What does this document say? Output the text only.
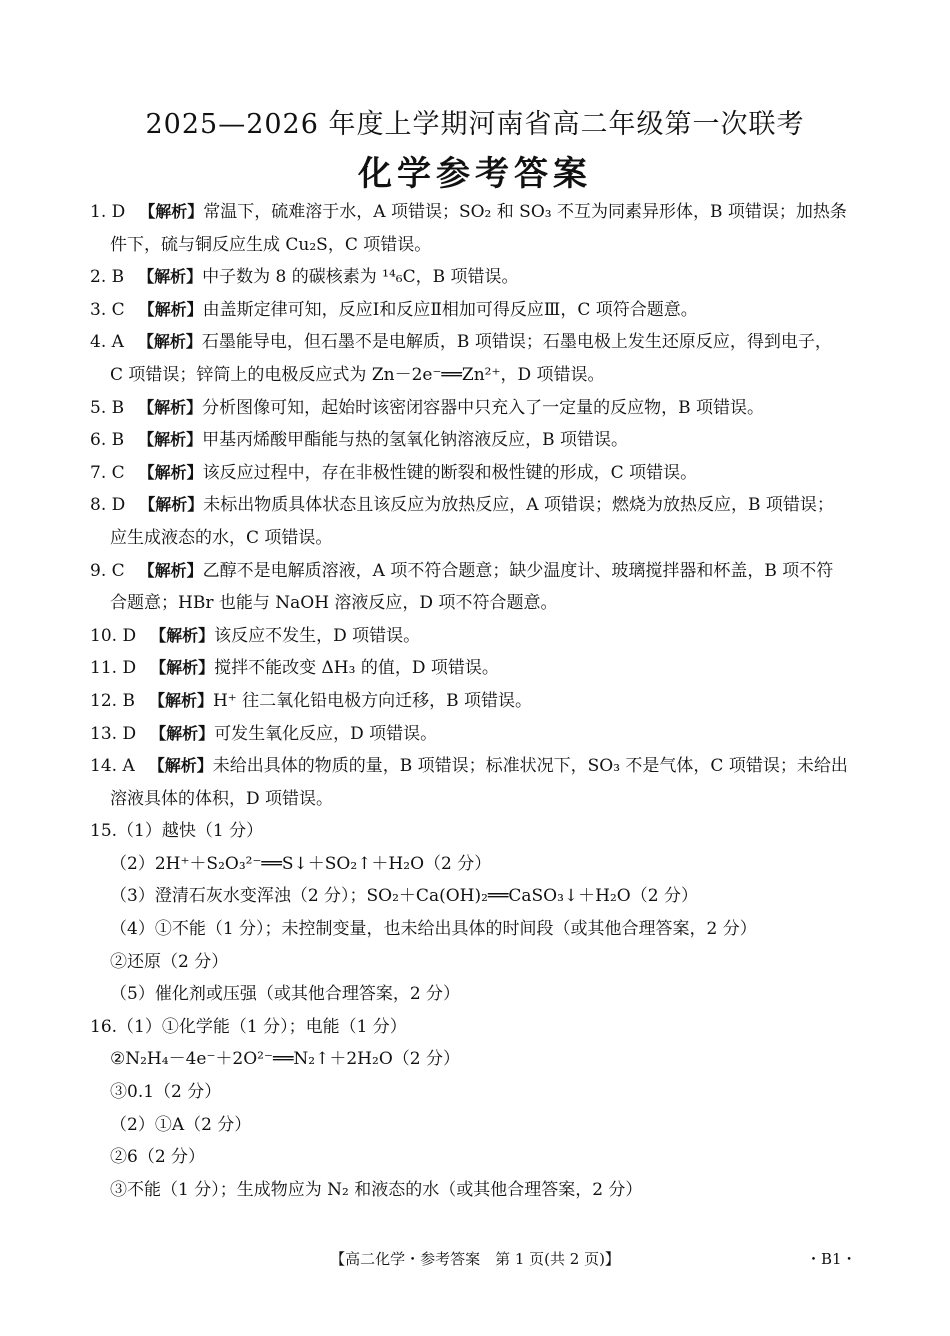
2025—2026 年度上学期河南省高二年级第一次联考
化学参考答案
1. D 【解析】常温下，硫难溶于水，A 项错误；SO₂ 和 SO₃ 不互为同素异形体，B 项错误；加热条
件下，硫与铜反应生成 Cu₂S，C 项错误。
2. B 【解析】中子数为 8 的碳核素为 ¹⁴₆C，B 项错误。
3. C 【解析】由盖斯定律可知，反应Ⅰ和反应Ⅱ相加可得反应Ⅲ，C 项符合题意。
4. A 【解析】石墨能导电，但石墨不是电解质，B 项错误；石墨电极上发生还原反应，得到电子，
C 项错误；锌筒上的电极反应式为 Zn－2e⁻══Zn²⁺，D 项错误。
5. B 【解析】分析图像可知，起始时该密闭容器中只充入了一定量的反应物，B 项错误。
6. B 【解析】甲基丙烯酸甲酯能与热的氢氧化钠溶液反应，B 项错误。
7. C 【解析】该反应过程中，存在非极性键的断裂和极性键的形成，C 项错误。
8. D 【解析】未标出物质具体状态且该反应为放热反应，A 项错误；燃烧为放热反应，B 项错误；
应生成液态的水，C 项错误。
9. C 【解析】乙醇不是电解质溶液，A 项不符合题意；缺少温度计、玻璃搅拌器和杯盖，B 项不符
合题意；HBr 也能与 NaOH 溶液反应，D 项不符合题意。
10. D 【解析】该反应不发生，D 项错误。
11. D 【解析】搅拌不能改变 ΔH₃ 的值，D 项错误。
12. B 【解析】H⁺ 往二氧化铅电极方向迁移，B 项错误。
13. D 【解析】可发生氧化反应，D 项错误。
14. A 【解析】未给出具体的物质的量，B 项错误；标准状况下，SO₃ 不是气体，C 项错误；未给出
溶液具体的体积，D 项错误。
15.（1）越快（1 分）
（2）2H⁺＋S₂O₃²⁻══S↓＋SO₂↑＋H₂O（2 分）
（3）澄清石灰水变浑浊（2 分）；SO₂＋Ca(OH)₂══CaSO₃↓＋H₂O（2 分）
（4）①不能（1 分）；未控制变量，也未给出具体的时间段（或其他合理答案，2 分）
②还原（2 分）
（5）催化剂或压强（或其他合理答案，2 分）
16.（1）①化学能（1 分）；电能（1 分）
②N₂H₄－4e⁻＋2O²⁻══N₂↑＋2H₂O（2 分）
③0.1（2 分）
（2）①A（2 分）
②6（2 分）
③不能（1 分）；生成物应为 N₂ 和液态的水（或其他合理答案，2 分）
【高二化学・参考答案　第 1 页(共 2 页)】	・B1・
